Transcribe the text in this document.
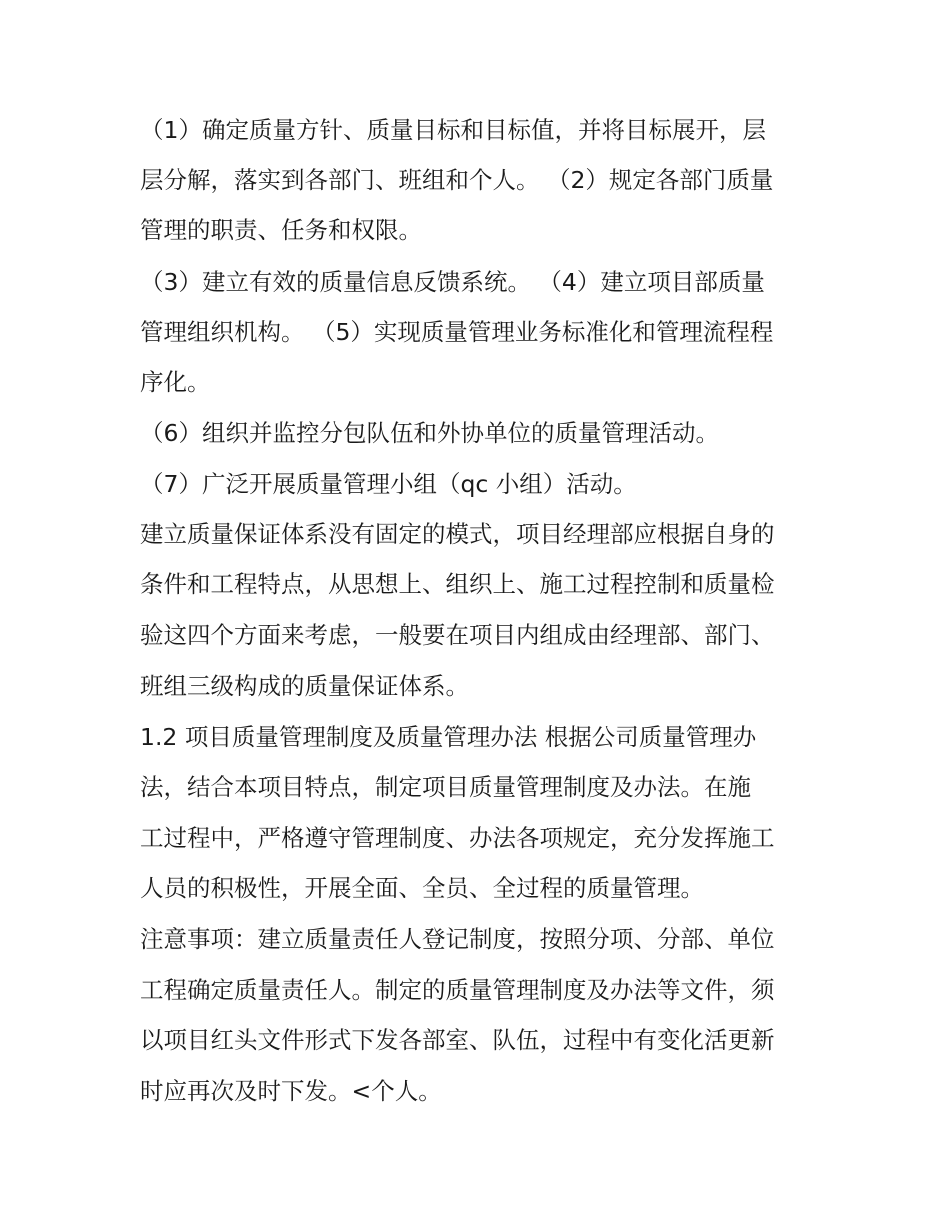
（1）确定质量方针、质量目标和目标值，并将目标展开，层
层分解，落实到各部门、班组和个人。 （2）规定各部门质量
管理的职责、任务和权限。
（3）建立有效的质量信息反馈系统。 （4）建立项目部质量
管理组织机构。 （5）实现质量管理业务标准化和管理流程程
序化。
（6）组织并监控分包队伍和外协单位的质量管理活动。
（7）广泛开展质量管理小组（qc 小组）活动。
建立质量保证体系没有固定的模式，项目经理部应根据自身的
条件和工程特点，从思想上、组织上、施工过程控制和质量检
验这四个方面来考虑，一般要在项目内组成由经理部、部门、
班组三级构成的质量保证体系。
1.2 项目质量管理制度及质量管理办法 根据公司质量管理办
法，结合本项目特点，制定项目质量管理制度及办法。在施
工过程中，严格遵守管理制度、办法各项规定，充分发挥施工
人员的积极性，开展全面、全员、全过程的质量管理。
注意事项：建立质量责任人登记制度，按照分项、分部、单位
工程确定质量责任人。制定的质量管理制度及办法等文件，须
以项目红头文件形式下发各部室、队伍，过程中有变化活更新
时应再次及时下发。<个人。
